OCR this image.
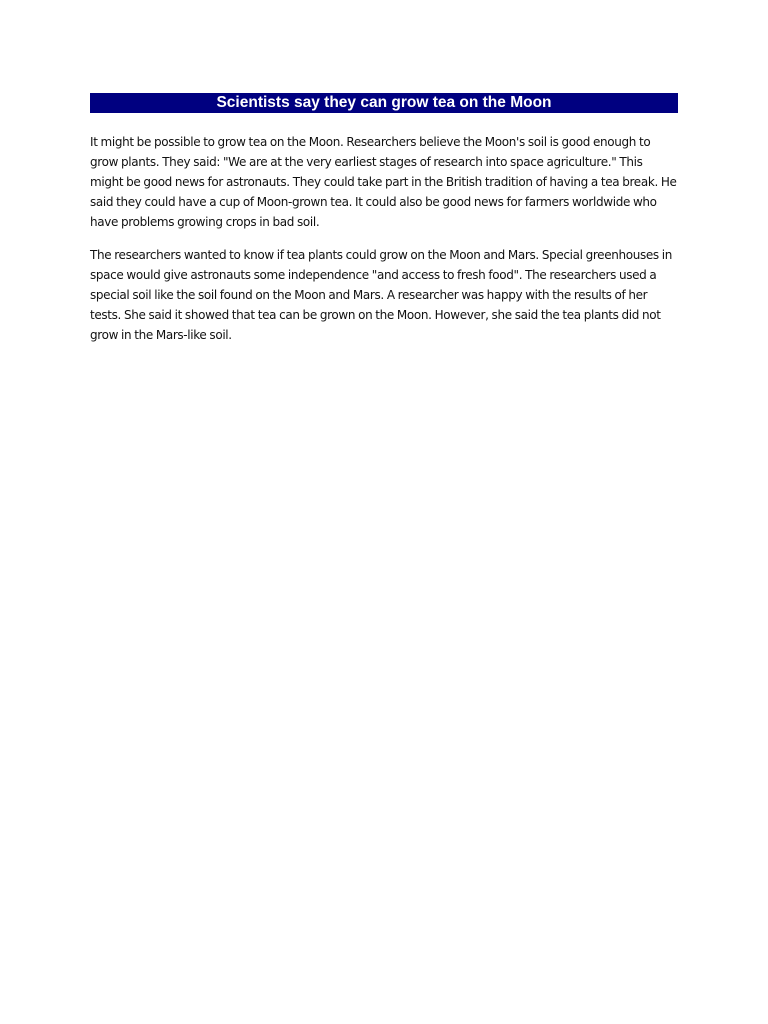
Scientists say they can grow tea on the Moon

It might be possible to grow tea on the Moon. Researchers believe the Moon's soil is good enough to grow plants. They said: "We are at the very earliest stages of research into space agriculture." This might be good news for astronauts. They could take part in the British tradition of having a tea break. He said they could have a cup of Moon-grown tea. It could also be good news for farmers worldwide who have problems growing crops in bad soil.

The researchers wanted to know if tea plants could grow on the Moon and Mars. Special greenhouses in space would give astronauts some independence "and access to fresh food". The researchers used a special soil like the soil found on the Moon and Mars. A researcher was happy with the results of her tests. She said it showed that tea can be grown on the Moon. However, she said the tea plants did not grow in the Mars-like soil.
